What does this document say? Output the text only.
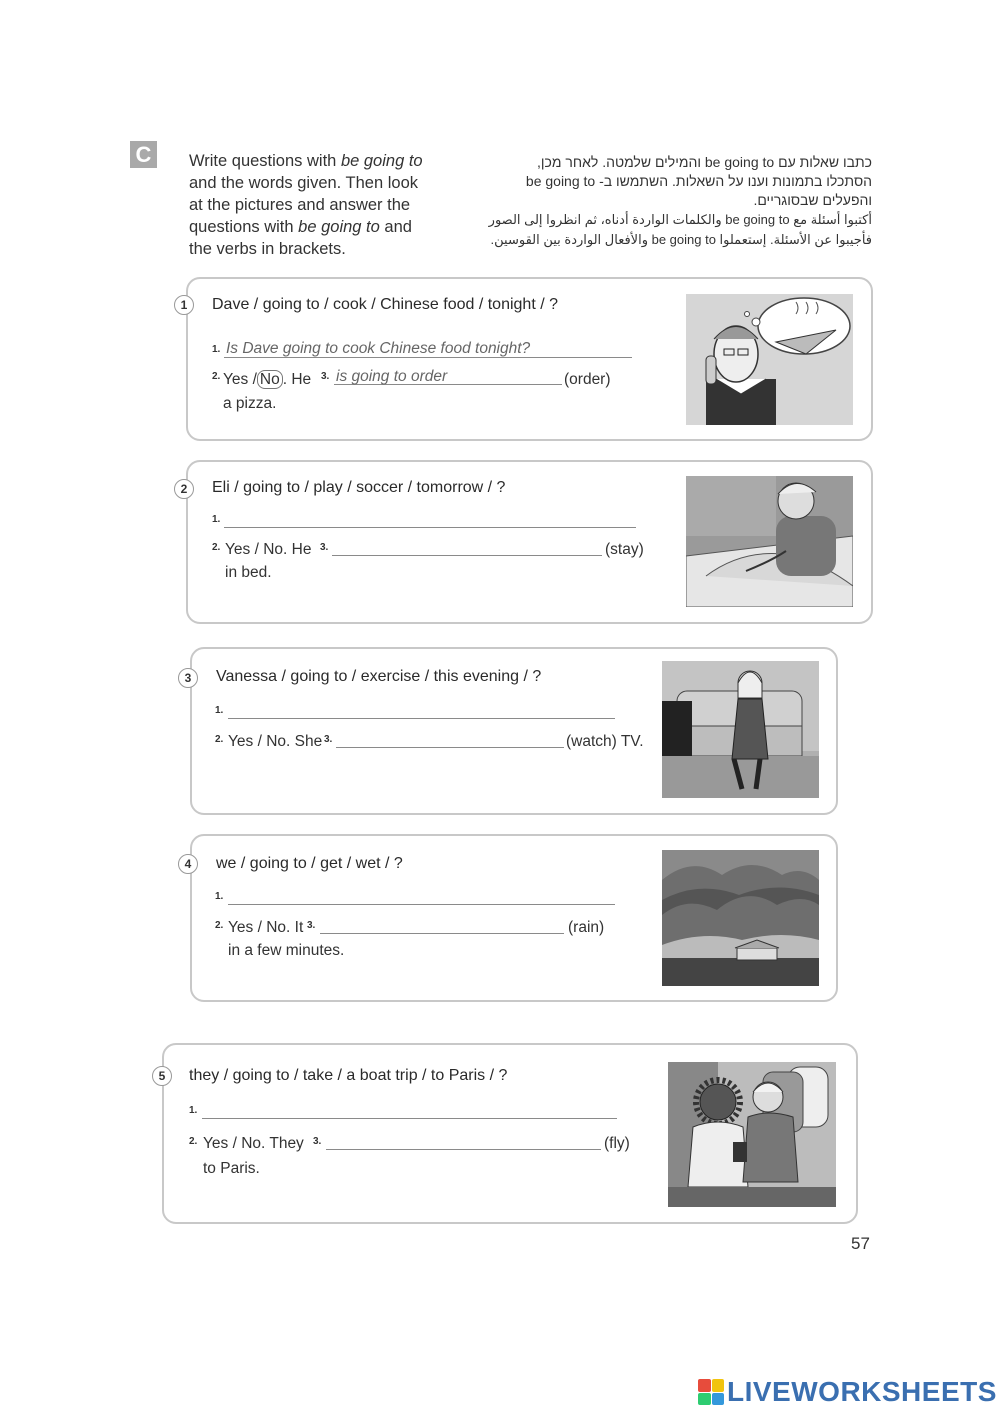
C	Write questions with be going to
and the words given. Then look
at the pictures and answer the
questions with be going to and
the verbs in brackets.
כתבו שאלות עם be going to והמילים שלמטה. לאחר מכן,
הסתכלו בתמונות וענו על השאלות. השתמשו ב- be going to
והפעלים שבסוגריים.
أكتبوا أسئلة مع be going to والكلمات الواردة أدناه، ثم انظروا إلى الصور
فأجيبوا عن الأسئلة. إستعملوا be going to والأفعال الواردة بين القوسين.
1	Dave / going to / cook / Chinese food / tonight / ?
1. Is Dave going to cook Chinese food tonight?
2. Yes / No . He 3. is going to order	(order)
a pizza.
2	Eli / going to / play / soccer / tomorrow / ?
1.
2. Yes / No. He 3.	(stay)
in bed.
3	Vanessa / going to / exercise / this evening / ?
1.
2. Yes / No. She 3.	(watch) TV.
4	we / going to / get / wet / ?
1.
2. Yes / No. It 3.	(rain)
in a few minutes.
5	they / going to / take / a boat trip / to Paris / ?
1.
2. Yes / No. They 3.	(fly)
to Paris.
57
LIVEWORKSHEETS
